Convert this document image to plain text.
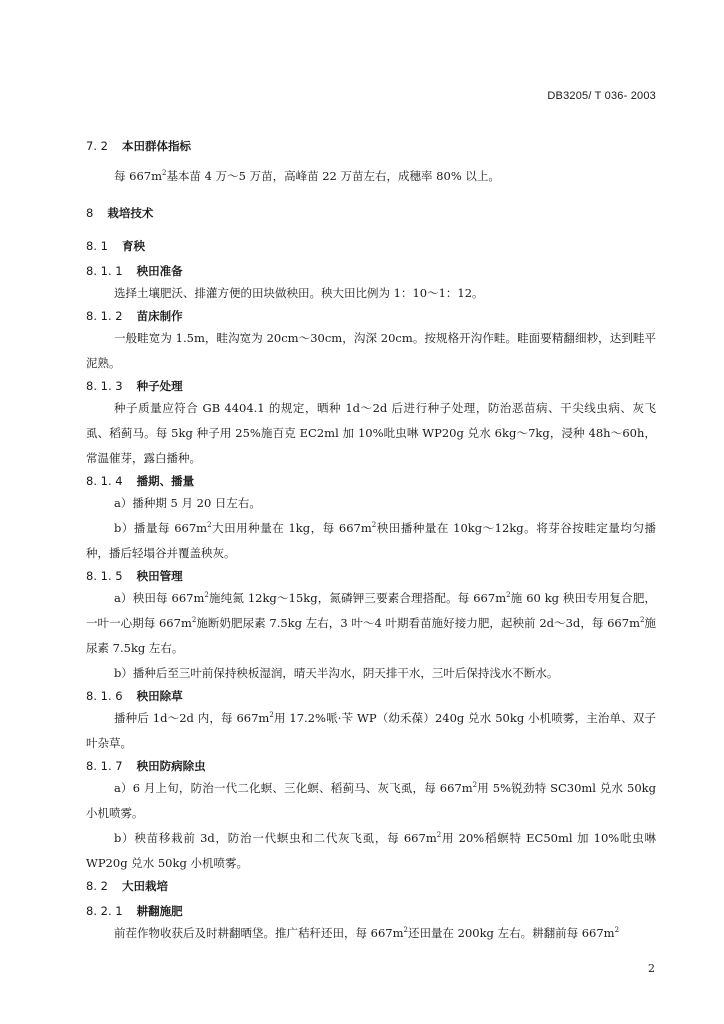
DB3205/ T 036- 2003
7. 2 本田群体指标

每 $667m^2$基本苗 4 万～5 万苗，高峰苗 22 万苗左右，成穗率 80% 以上。

8 栽培技术
8. 1 育秧
8. 1. 1 秧田准备

选择土壤肥沃、排灌方便的田块做秧田。秧大田比例为 1：10～1：12。

8. 1. 2 苗床制作

一般畦宽为 1.5m，畦沟宽为 20cm～30cm，沟深 20cm。按规格开沟作畦。畦面要精翻细耖，达到畦平泥熟。

8. 1. 3 种子处理

种子质量应符合 GB 4404.1 的规定，晒种 1d～2d 后进行种子处理，防治恶苗病、干尖线虫病、灰飞虱、稻蓟马。每 5kg 种子用 25%施百克 EC2ml 加 10%吡虫啉 WP20g 兑水 6kg～7kg，浸种 48h～60h，常温催芽，露白播种。

8. 1. 4 播期、播量

a）播种期 5 月 20 日左右。

b）播量每 $667m^2$大田用种量在 1kg，每 $667m^2$秧田播种量在 10kg～12kg。将芽谷按畦定量均匀播种，播后轻塌谷并覆盖秧灰。

8. 1. 5 秧田管理

a）秧田每 $667m^2$施纯氮 12kg～15kg，氮磷钾三要素合理搭配。每 $667m^2$施 60 kg 秧田专用复合肥，一叶一心期每 $667m^2$施断奶肥尿素 7.5kg 左右，3 叶～4 叶期看苗施好接力肥，起秧前 2d～3d，每 $667m^2$施尿素 7.5kg 左右。

b）播种后至三叶前保持秧板湿润，晴天半沟水，阴天排干水，三叶后保持浅水不断水。

8. 1. 6 秧田除草

播种后 1d～2d 内，每 $667m^2$用 17.2%哌·苄 WP（幼禾葆）240g 兑水 50kg 小机喷雾，主治单、双子叶杂草。

8. 1. 7 秧田防病除虫

a）6 月上旬，防治一代二化螟、三化螟、稻蓟马、灰飞虱，每 $667m^2$用 5%锐劲特 SC30ml 兑水 50kg 小机喷雾。

b）秧苗移栽前 3d，防治一代螟虫和二代灰飞虱，每 $667m^2$用 20%稻螟特 EC50ml 加 10%吡虫啉 WP20g 兑水 50kg 小机喷雾。

8. 2 大田栽培
8. 2. 1 耕翻施肥

前茬作物收获后及时耕翻晒垡。推广秸秆还田，每 $667m^2$还田量在 200kg 左右。耕翻前每 $667m^2$

2
